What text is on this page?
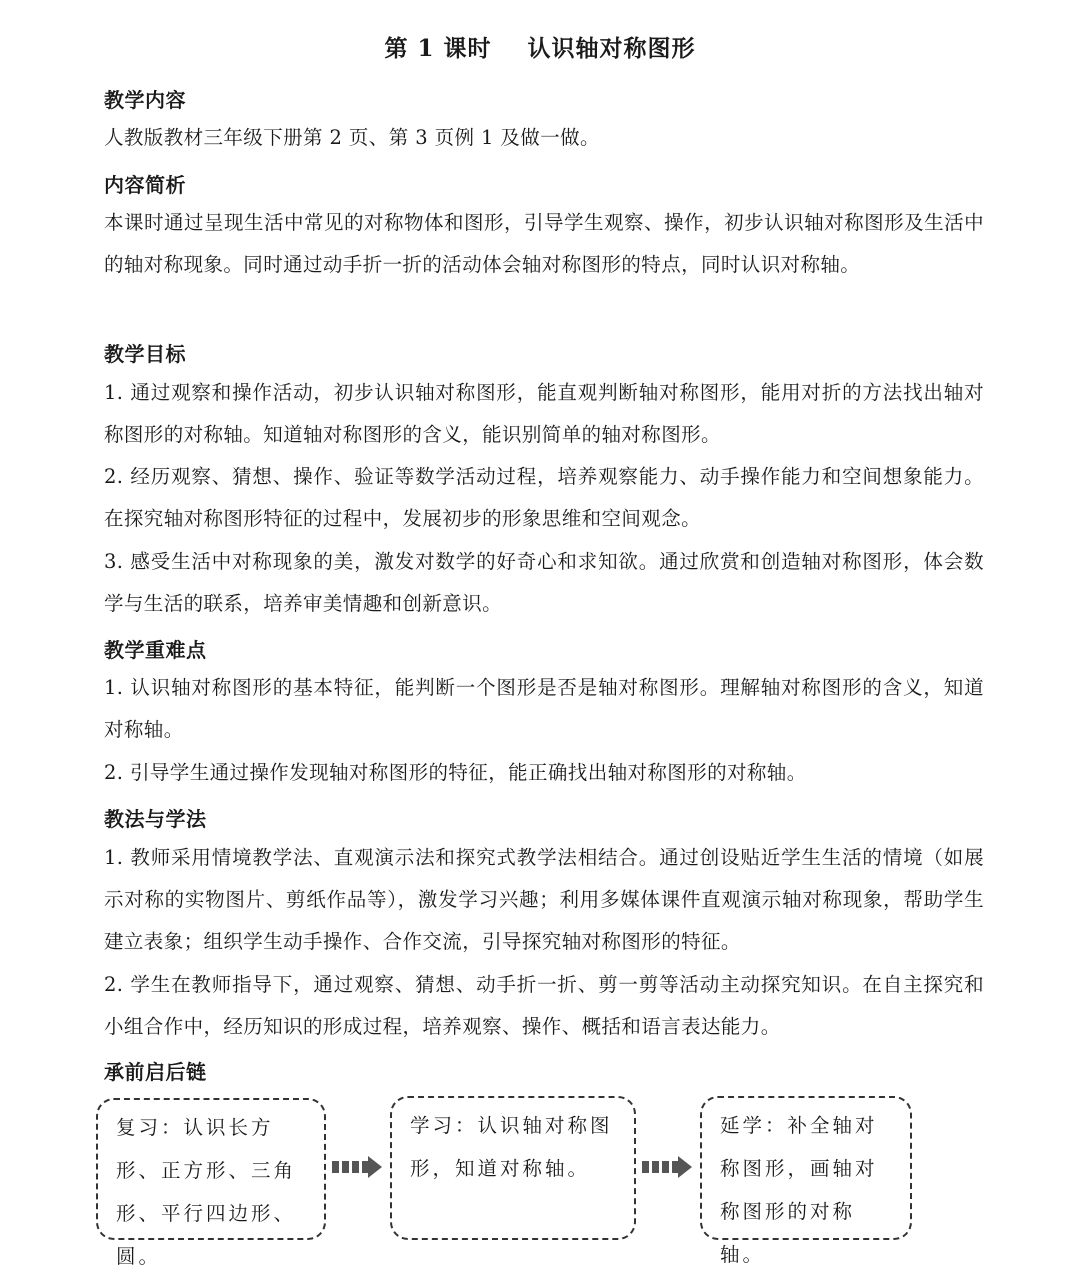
第 1 课时    认识轴对称图形
教学内容
人教版教材三年级下册第 2 页、第 3 页例 1 及做一做。
内容简析
本课时通过呈现生活中常见的对称物体和图形，引导学生观察、操作，初步认识轴对称图形及生活中的轴对称现象。同时通过动手折一折的活动体会轴对称图形的特点，同时认识对称轴。
教学目标
1. 通过观察和操作活动，初步认识轴对称图形，能直观判断轴对称图形，能用对折的方法找出轴对称图形的对称轴。知道轴对称图形的含义，能识别简单的轴对称图形。
2. 经历观察、猜想、操作、验证等数学活动过程，培养观察能力、动手操作能力和空间想象能力。在探究轴对称图形特征的过程中，发展初步的形象思维和空间观念。
3. 感受生活中对称现象的美，激发对数学的好奇心和求知欲。通过欣赏和创造轴对称图形，体会数学与生活的联系，培养审美情趣和创新意识。
教学重难点
1. 认识轴对称图形的基本特征，能判断一个图形是否是轴对称图形。理解轴对称图形的含义，知道对称轴。
2. 引导学生通过操作发现轴对称图形的特征，能正确找出轴对称图形的对称轴。
教法与学法
1. 教师采用情境教学法、直观演示法和探究式教学法相结合。通过创设贴近学生生活的情境（如展示对称的实物图片、剪纸作品等），激发学习兴趣；利用多媒体课件直观演示轴对称现象，帮助学生建立表象；组织学生动手操作、合作交流，引导探究轴对称图形的特征。
2. 学生在教师指导下，通过观察、猜想、动手折一折、剪一剪等活动主动探究知识。在自主探究和小组合作中，经历知识的形成过程，培养观察、操作、概括和语言表达能力。
承前启后链
复习：认识长方形、正方形、三角形、平行四边形、圆。
学习：认识轴对称图形，知道对称轴。
延学：补全轴对称图形，画轴对称图形的对称轴。
